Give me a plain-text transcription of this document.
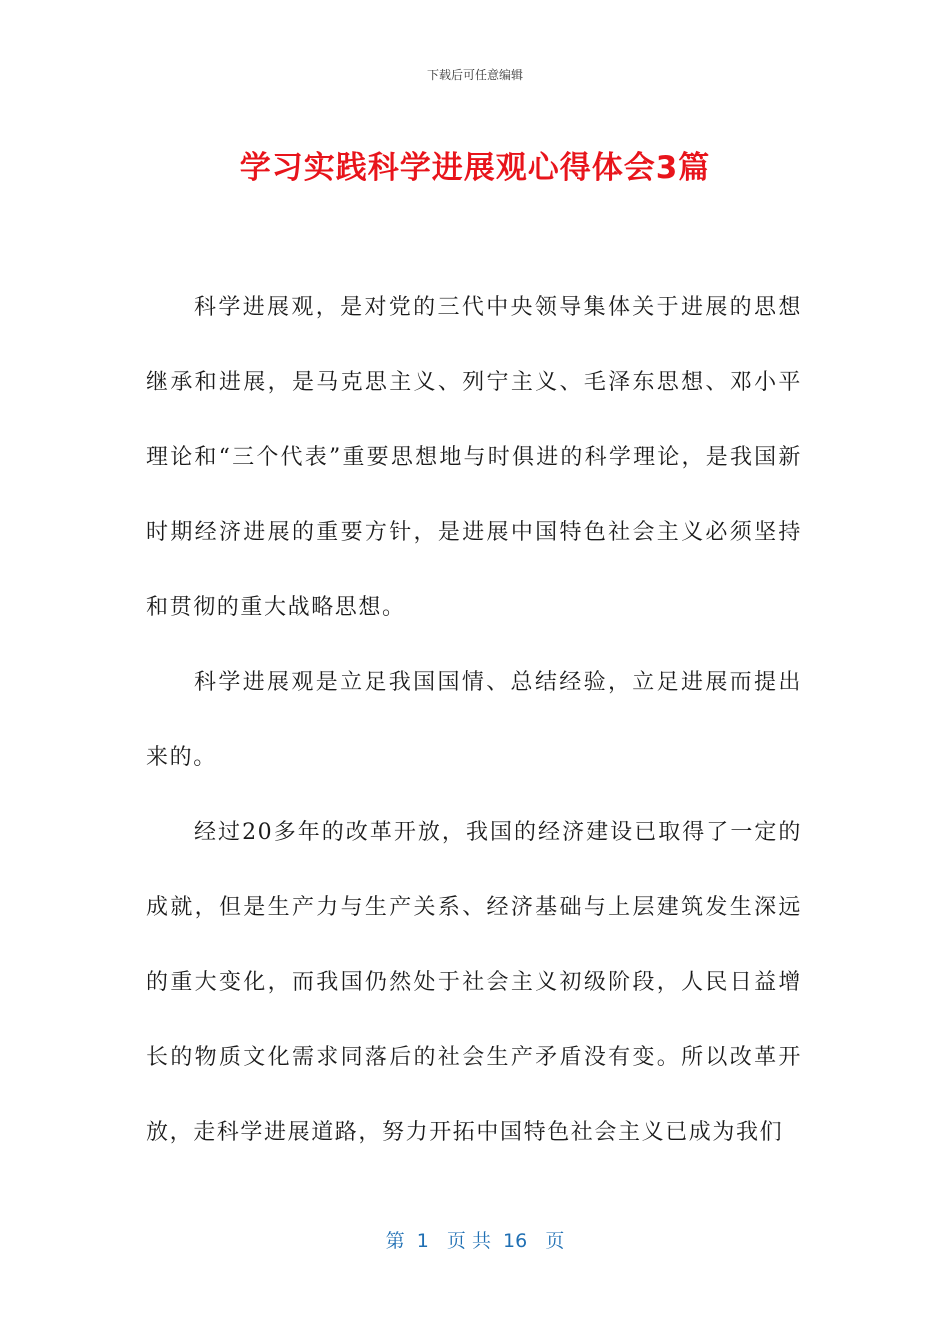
下载后可任意编辑
学习实践科学进展观心得体会3篇

科学进展观，是对党的三代中央领导集体关于进展的思想继承和进展，是马克思主义、列宁主义、毛泽东思想、邓小平理论和“三个代表”重要思想地与时俱进的科学理论，是我国新时期经济进展的重要方针，是进展中国特色社会主义必须坚持和贯彻的重大战略思想。

科学进展观是立足我国国情、总结经验，立足进展而提出来的。

经过20多年的改革开放，我国的经济建设已取得了一定的成就，但是生产力与生产关系、经济基础与上层建筑发生深远的重大变化，而我国仍然处于社会主义初级阶段，人民日益增长的物质文化需求同落后的社会生产矛盾没有变。所以改革开放，走科学进展道路，努力开拓中国特色社会主义已成为我们

第  1   页 共  16   页
